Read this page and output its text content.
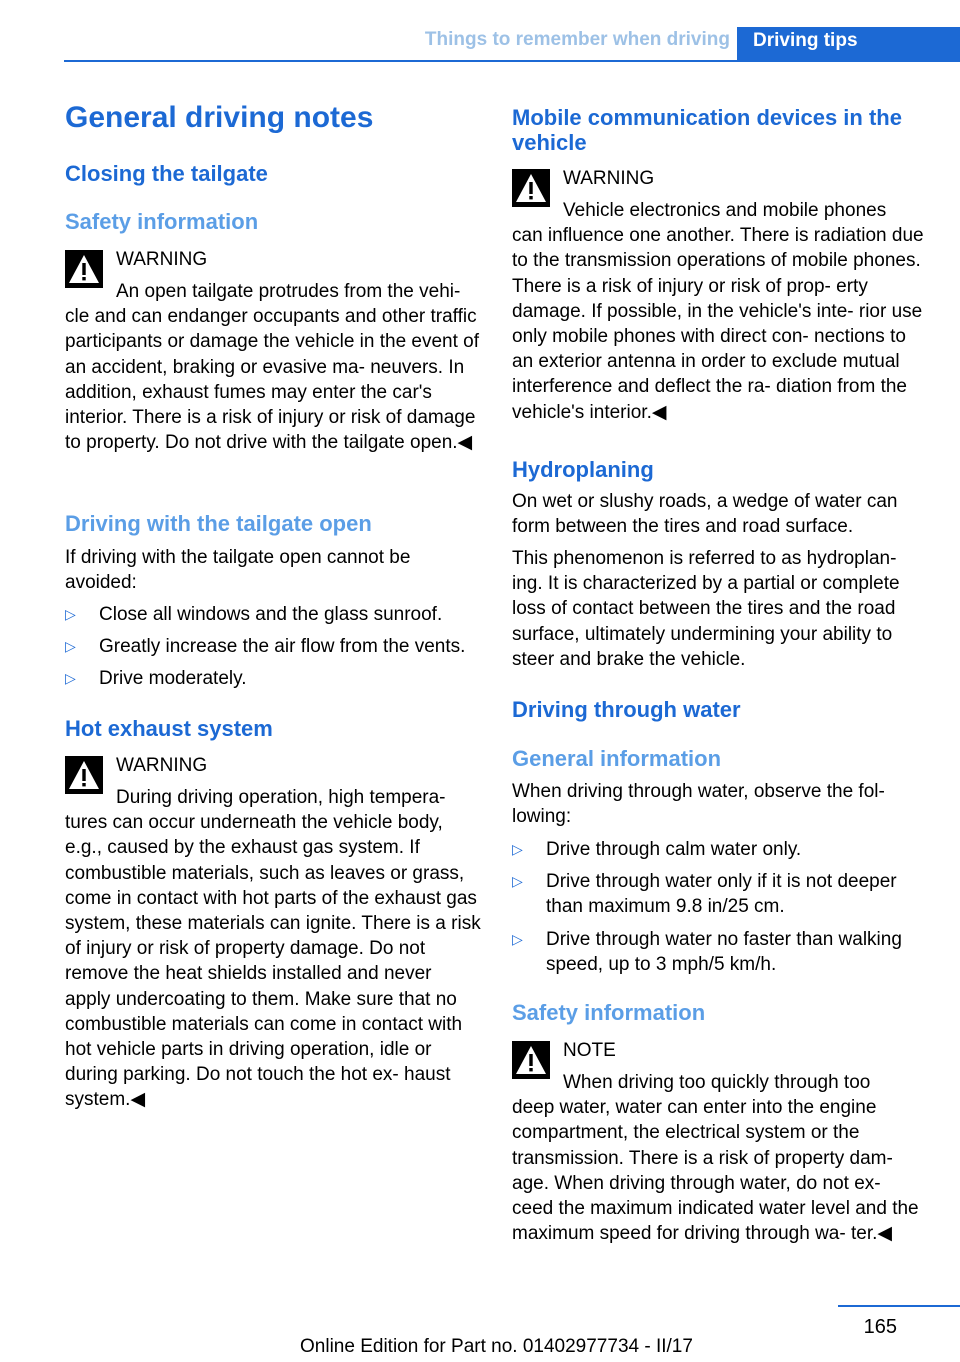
Things to remember when driving	Driving tips
General driving notes
Closing the tailgate
Safety information
WARNING
An open tailgate protrudes from the vehi‐
cle and can endanger occupants and other traffic participants or damage the vehicle in the event of an accident, braking or evasive ma‐ neuvers. In addition, exhaust fumes may enter the car's interior. There is a risk of injury or risk of damage to property. Do not drive with the tailgate open.◀
Driving with the tailgate open
If driving with the tailgate open cannot be avoided:
▷	Close all windows and the glass sunroof.
▷	Greatly increase the air flow from the vents.
▷	Drive moderately.
Hot exhaust system
WARNING
During driving operation, high tempera‐
tures can occur underneath the vehicle body, e.g., caused by the exhaust gas system. If combustible materials, such as leaves or grass, come in contact with hot parts of the exhaust gas system, these materials can ignite. There is a risk of injury or risk of property damage. Do not remove the heat shields installed and never apply undercoating to them. Make sure that no combustible materials can come in contact with hot vehicle parts in driving operation, idle or during parking. Do not touch the hot ex‐ haust system.◀
Mobile communication devices in the vehicle
WARNING
Vehicle electronics and mobile phones
can influence one another. There is radiation due to the transmission operations of mobile phones. There is a risk of injury or risk of prop‐ erty damage. If possible, in the vehicle's inte‐ rior use only mobile phones with direct con‐ nections to an exterior antenna in order to exclude mutual interference and deflect the ra‐ diation from the vehicle's interior.◀
Hydroplaning
On wet or slushy roads, a wedge of water can form between the tires and road surface.
This phenomenon is referred to as hydroplan‐ ing. It is characterized by a partial or complete loss of contact between the tires and the road surface, ultimately undermining your ability to steer and brake the vehicle.
Driving through water
General information
When driving through water, observe the fol‐ lowing:
▷	Drive through calm water only.
▷	Drive through water only if it is not deeper than maximum 9.8 in/25 cm.
▷	Drive through water no faster than walking speed, up to 3 mph/5 km/h.
Safety information
NOTE
When driving too quickly through too
deep water, water can enter into the engine compartment, the electrical system or the transmission. There is a risk of property dam‐ age. When driving through water, do not ex‐ ceed the maximum indicated water level and the maximum speed for driving through wa‐ ter.◀
165
Online Edition for Part no. 01402977734 - II/17
